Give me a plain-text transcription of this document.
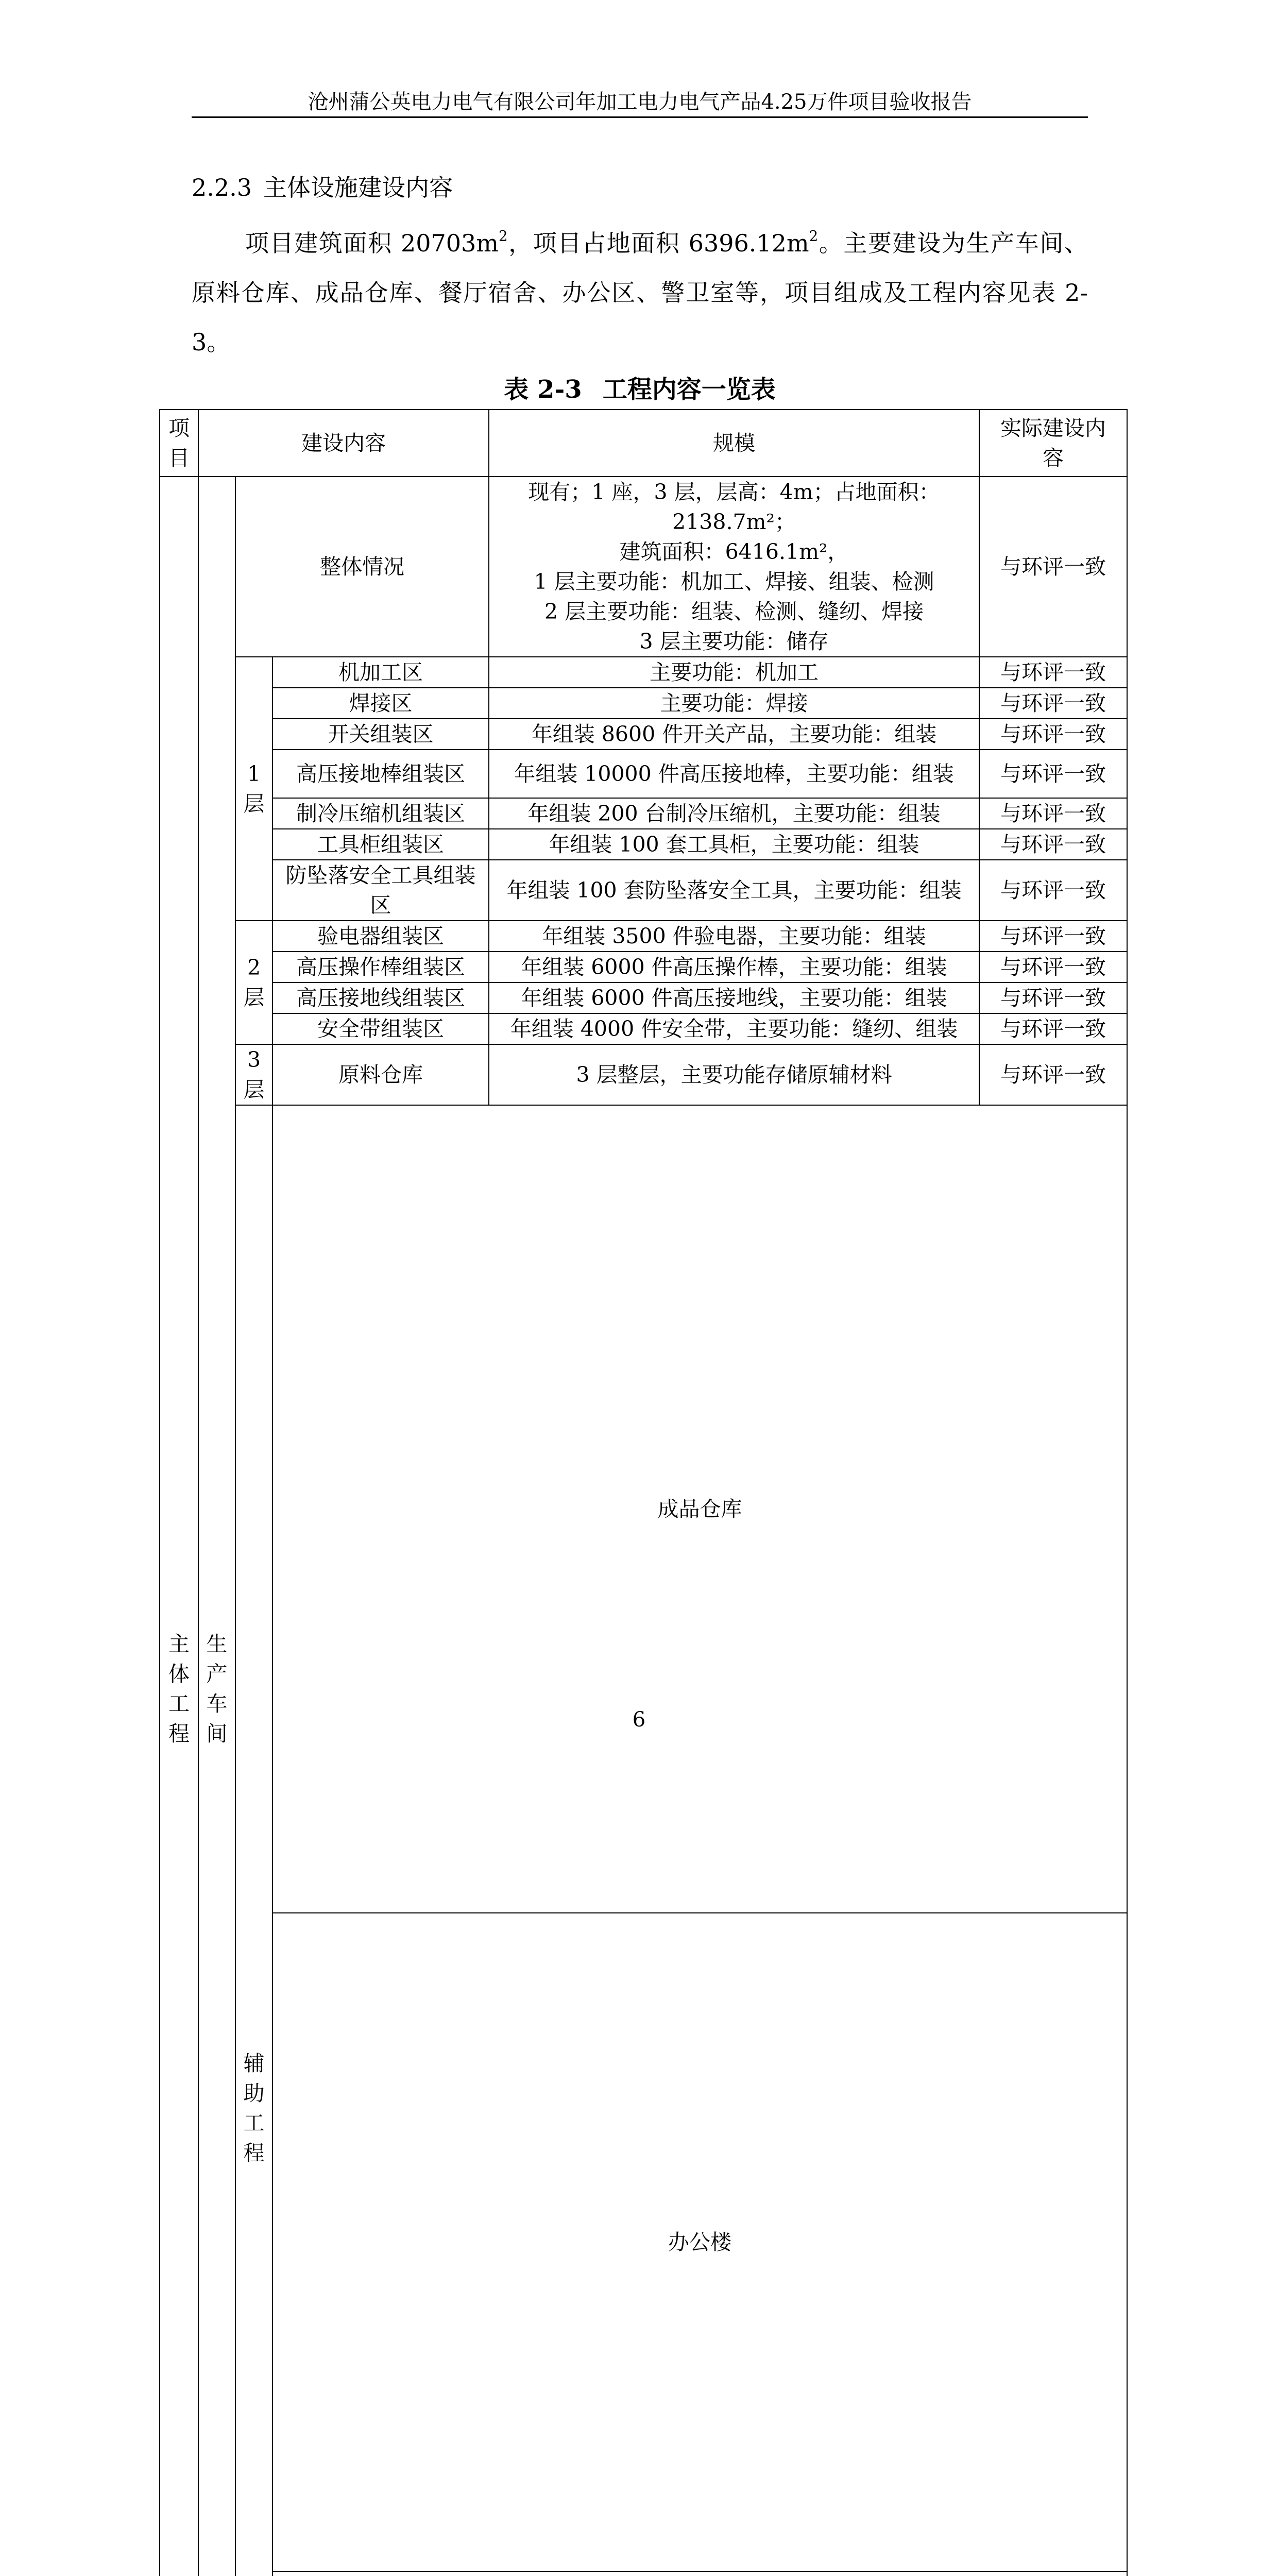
沧州蒲公英电力电气有限公司年加工电力电气产品4.25万件项目验收报告
2.2.3 主体设施建设内容
项目建筑面积 $20703m^2$，项目占地面积 $6396.12m^2$。主要建设为生产车间、原料仓库、成品仓库、餐厅宿舍、办公区、警卫室等，项目组成及工程内容见表 2-3。
表 2-3 工程内容一览表
项目	建设内容			规模	实际建设内容	
主体工程	生产车间	整体情况		现有；1 座，3 层，层高：4m；占地面积：2138.7m²；
建筑面积：6416.1m²，
1 层主要功能：机加工、焊接、组装、检测
2 层主要功能：组装、检测、缝纫、焊接
3 层主要功能：储存	与环评一致	
		1层	机加工区	主要功能：机加工	与环评一致	
			焊接区	主要功能：焊接	与环评一致	
			开关组装区	年组装 8600 件开关产品，主要功能：组装	与环评一致	
			高压接地棒组装区	年组装 10000 件高压接地棒，主要功能：组装	与环评一致	
			制冷压缩机组装区	年组装 200 台制冷压缩机，主要功能：组装	与环评一致	
			工具柜组装区	年组装 100 套工具柜，主要功能：组装	与环评一致	
			防坠落安全工具组装区	年组装 100 套防坠落安全工具，主要功能：组装	与环评一致	
		2层	验电器组装区	年组装 3500 件验电器，主要功能：组装	与环评一致	
			高压操作棒组装区	年组装 6000 件高压操作棒，主要功能：组装	与环评一致	
			高压接地线组装区	年组装 6000 件高压接地线，主要功能：组装	与环评一致	
			安全带组装区	年组装 4000 件安全带，主要功能：缝纫、组装	与环评一致	
		3层	原料仓库	3 层整层，主要功能存储原辅材料	与环评一致	
		辅助工程	成品仓库		
			办公楼		

6
